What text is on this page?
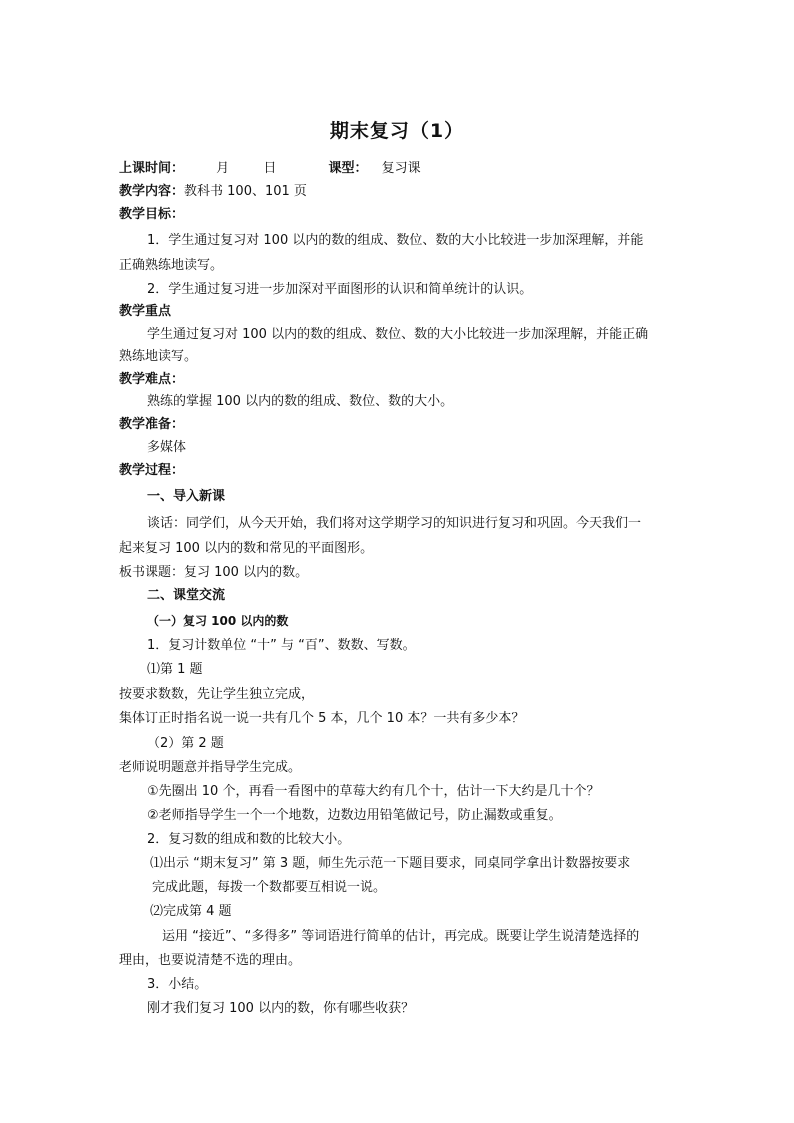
期末复习（1）
上课时间： 月	日	课型： 复习课
教学内容：教科书 100、101 页
教学目标：
1．学生通过复习对 100 以内的数的组成、数位、数的大小比较进一步加深理解，并能
正确熟练地读写。
2．学生通过复习进一步加深对平面图形的认识和简单统计的认识。
教学重点
学生通过复习对 100 以内的数的组成、数位、数的大小比较进一步加深理解，并能正确
熟练地读写。
教学难点：
熟练的掌握 100 以内的数的组成、数位、数的大小。
教学准备：
多媒体
教学过程：
一、导入新课
谈话：同学们，从今天开始，我们将对这学期学习的知识进行复习和巩固。今天我们一
起来复习 100 以内的数和常见的平面图形。
板书课题：复习 100 以内的数。
二、课堂交流
（一）复习 100 以内的数
1．复习计数单位 “十” 与 “百”、数数、写数。
⑴第 1 题
按要求数数，先让学生独立完成，
集体订正时指名说一说一共有几个 5 本，几个 10 本？一共有多少本？
（2）第 2 题
老师说明题意并指导学生完成。
①先圈出 10 个，再看一看图中的草莓大约有几个十，估计一下大约是几十个？
②老师指导学生一个一个地数，边数边用铅笔做记号，防止漏数或重复。
2．复习数的组成和数的比较大小。
⑴出示 “期末复习” 第 3 题，师生先示范一下题目要求，同桌同学拿出计数器按要求
完成此题，每拨一个数都要互相说一说。
⑵完成第 4 题
运用 “接近”、“多得多” 等词语进行简单的估计，再完成。既要让学生说清楚选择的
理由，也要说清楚不选的理由。
3．小结。
刚才我们复习 100 以内的数，你有哪些收获？
